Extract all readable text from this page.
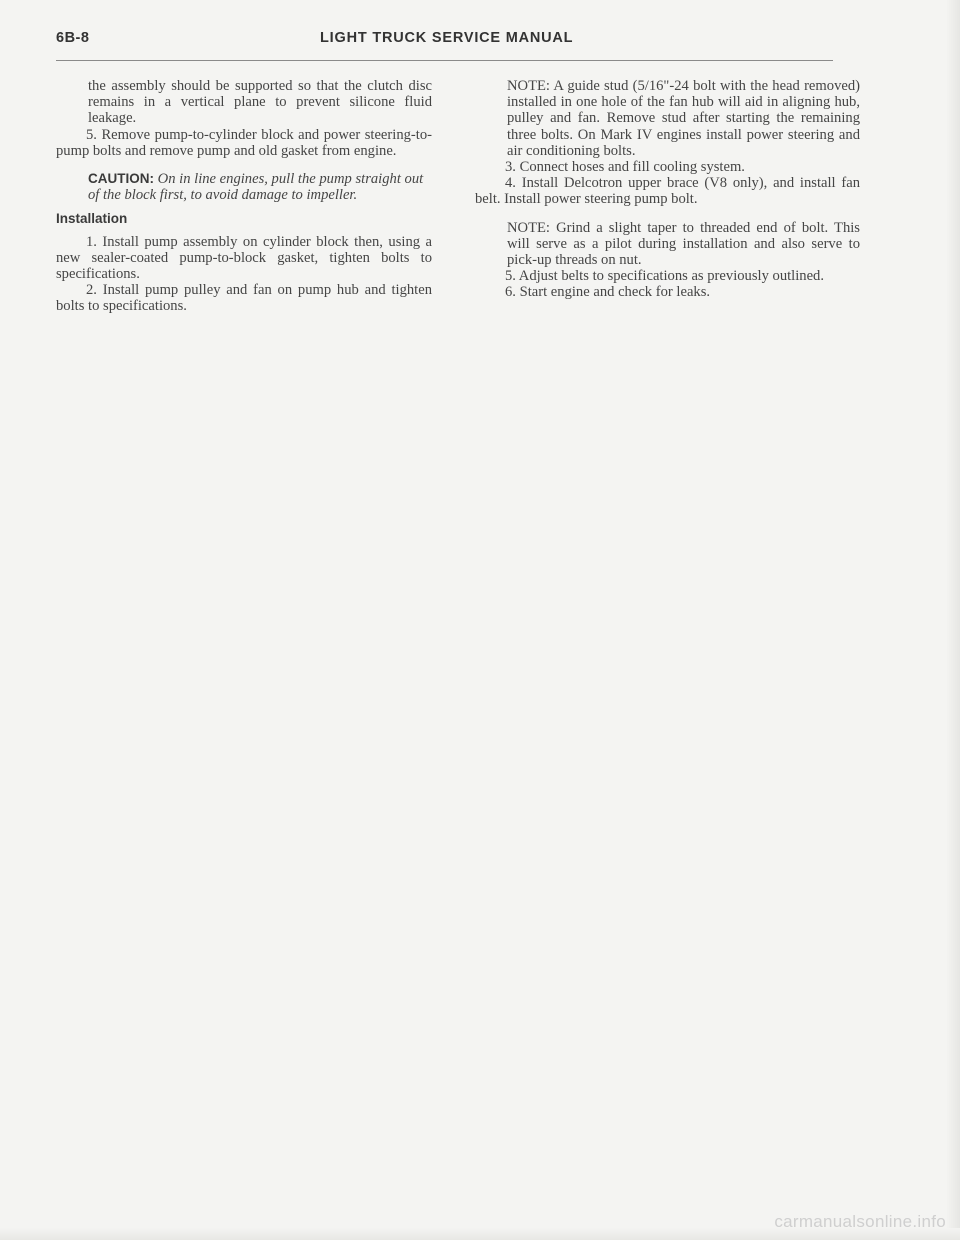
6B-8	LIGHT TRUCK SERVICE MANUAL

the assembly should be supported so that the clutch disc remains in a vertical plane to prevent silicone fluid leakage.

5. Remove pump-to-cylinder block and power steering-to-pump bolts and remove pump and old gasket from engine.

CAUTION: On in line engines, pull the pump straight out of the block first, to avoid damage to impeller.

Installation

1. Install pump assembly on cylinder block then, using a new sealer-coated pump-to-block gasket, tighten bolts to specifications.

2. Install pump pulley and fan on pump hub and tighten bolts to specifications.

NOTE: A guide stud (5/16"-24 bolt with the head removed) installed in one hole of the fan hub will aid in aligning hub, pulley and fan. Remove stud after starting the remaining three bolts. On Mark IV engines install power steering and air conditioning bolts.

3. Connect hoses and fill cooling system.

4. Install Delcotron upper brace (V8 only), and install fan belt. Install power steering pump bolt.

NOTE: Grind a slight taper to threaded end of bolt. This will serve as a pilot during installation and also serve to pick-up threads on nut.

5. Adjust belts to specifications as previously outlined.

6. Start engine and check for leaks.

carmanualsonline.info
